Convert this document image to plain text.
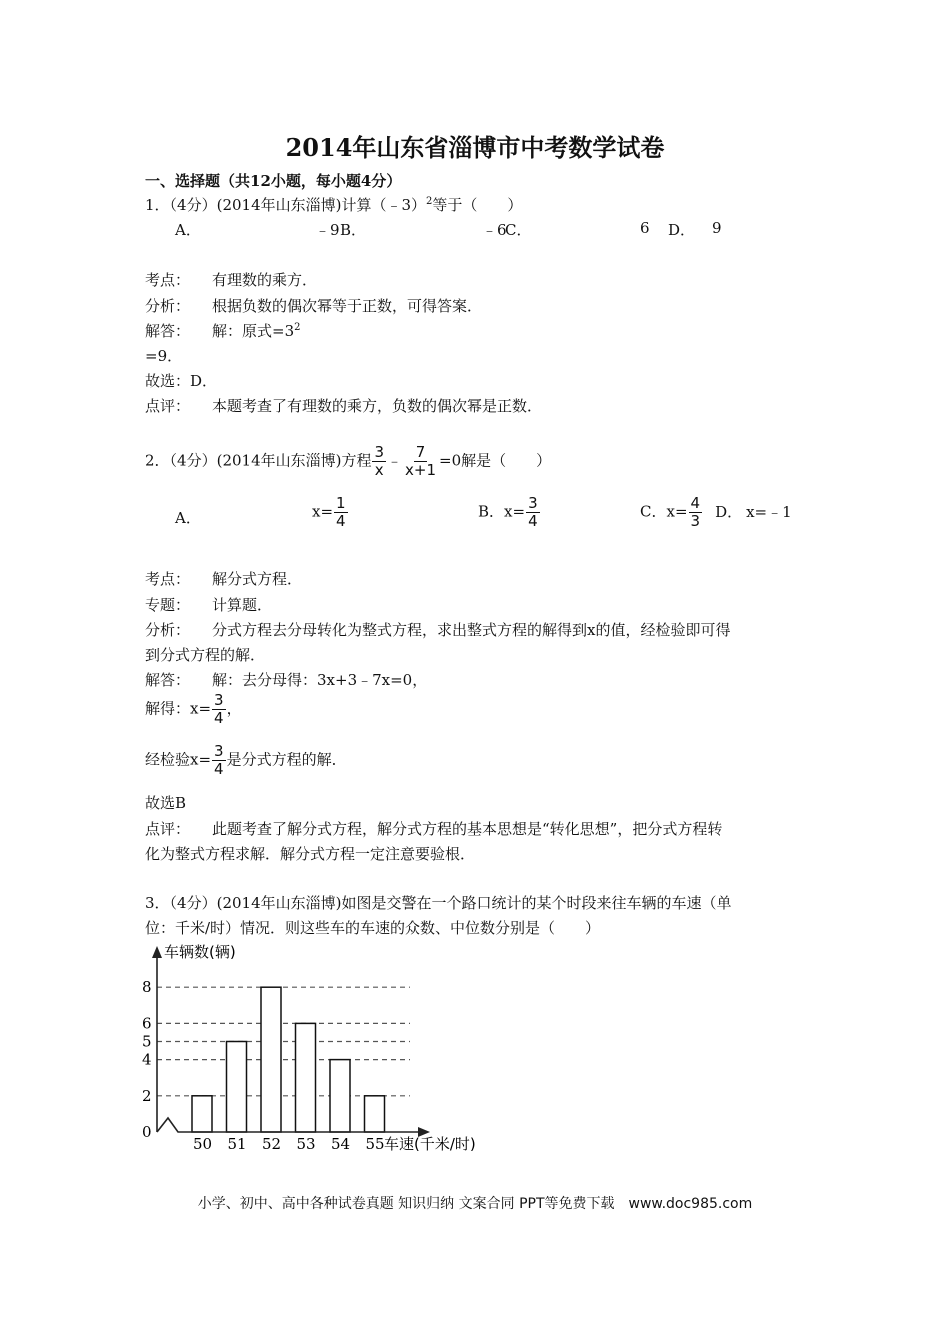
2014年山东省淄博市中考数学试卷
一、选择题（共12小题，每小题4分）
1．（4分）(2014年山东淄博)计算（﹣3）$^2$等于（　　）
A．	﹣9 B．	﹣6
C．	6 D． 9
考点： 有理数的乘方．
分析： 根据负数的偶次幂等于正数，可得答案．
解答： 解：原式$=3^2$
=9．
故选：D．
点评： 本题考查了有理数的乘方，负数的偶次幂是正数．
2．（4分）(2014年山东淄博)方程 $\frac{3}{x}$ ﹣ $\frac{7}{x+1} =0$解是（　　）
A．	$x= \frac{1}{4}$	B．$x= \frac{3}{4}$	C．$x= \frac{4}{3}$ D． x=﹣1
考点： 解分式方程．
专题： 计算题．
分析： 分式方程去分母转化为整式方程，求出整式方程的解得到x的值，经检验即可得
到分式方程的解．
解答： 解：去分母得：3x+3﹣7x=0，
解得：$x= \frac{3}{4}$ ，
经检验$x= \frac{3}{4}$ 是分式方程的解．
故选B
点评： 此题考查了解分式方程，解分式方程的基本思想是“转化思想”，把分式方程转
化为整式方程求解．解分式方程一定注意要验根．
3．（4分）(2014年山东淄博)如图是交警在一个路口统计的某个时段来往车辆的车速（单
位：千米/时）情况．则这些车的车速的众数、中位数分别是（　　）
0
2
4
5
6
8
50 51 52 53 54 55
车辆数(辆)
车速(千米/时)
小学、初中、高中各种试卷真题 知识归纳 文案合同 PPT等免费下载　www.doc985.com
